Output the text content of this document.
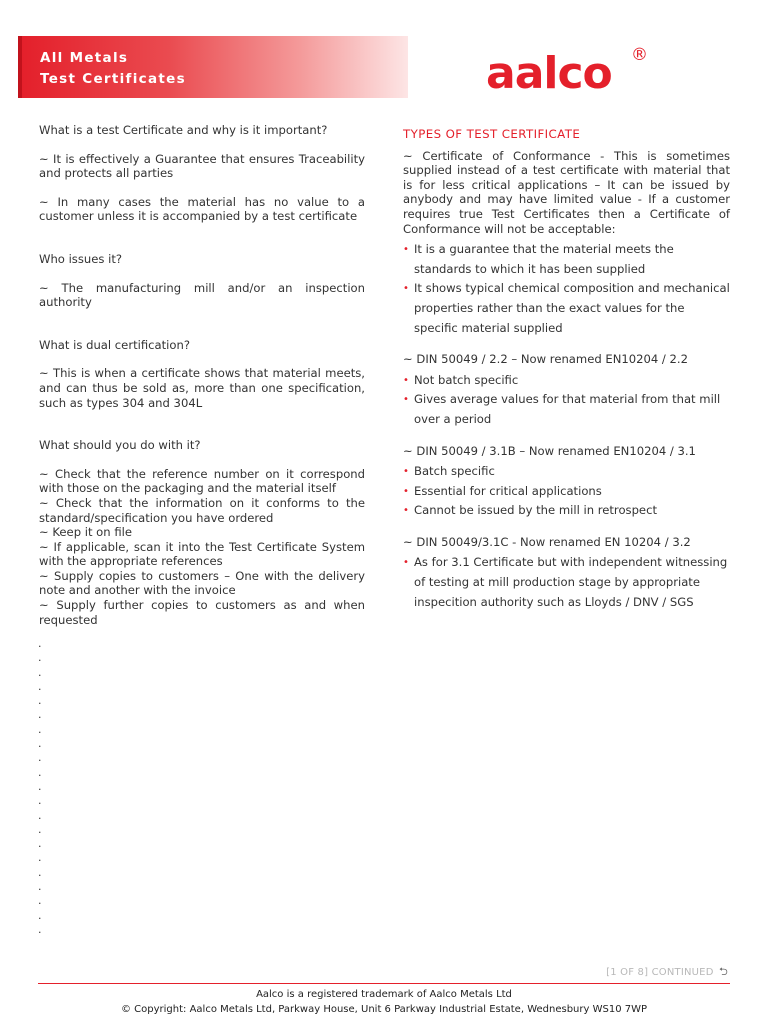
All Metals
Test Certificates	aalco ®

What is a test Certificate and why is it important?

~ It is effectively a Guarantee that ensures Traceability and protects all parties

~ In many cases the material has no value to a customer unless it is accompanied by a test certificate

Who issues it?

~ The manufacturing mill and/or an inspection authority

What is dual certification?

~ This is when a certificate shows that material meets, and can thus be sold as, more than one specification, such as types 304 and 304L

What should you do with it?

~ Check that the reference number on it correspond with those on the packaging and the material itself

~ Check that the information on it conforms to the standard/specification you have ordered

~ Keep it on file

~ If applicable, scan it into the Test Certificate System with the appropriate references

~ Supply copies to customers – One with the delivery note and another with the invoice

~ Supply further copies to customers as and when requested

TYPES OF TEST CERTIFICATE

~ Certificate of Conformance - This is sometimes supplied instead of a test certificate with material that is for less critical applications – It can be issued by anybody and may have limited value - If a customer requires true Test Certificates then a Certificate of Conformance will not be acceptable:

• It is a guarantee that the material meets the standards to which it has been supplied
• It shows typical chemical composition and mechanical properties rather than the exact values for the specific material supplied

~ DIN 50049 / 2.2 – Now renamed EN10204 / 2.2

• Not batch specific
• Gives average values for that material from that mill over a period

~ DIN 50049 / 3.1B – Now renamed EN10204 / 3.1

• Batch specific
• Essential for critical applications
• Cannot be issued by the mill in retrospect

~ DIN 50049/3.1C - Now renamed EN 10204 / 3.2

• As for 3.1 Certificate but with independent witnessing of testing at mill production stage by appropriate inspecition authority such as Lloyds / DNV / SGS
.
.
.
.
.
.
.
.
.
.
.
.
.
.
.
.
.
.
.
.
.
[1 OF 8] CONTINUED ⮌
Aalco is a registered trademark of Aalco Metals Ltd
© Copyright: Aalco Metals Ltd, Parkway House, Unit 6 Parkway Industrial Estate, Wednesbury WS10 7WP
